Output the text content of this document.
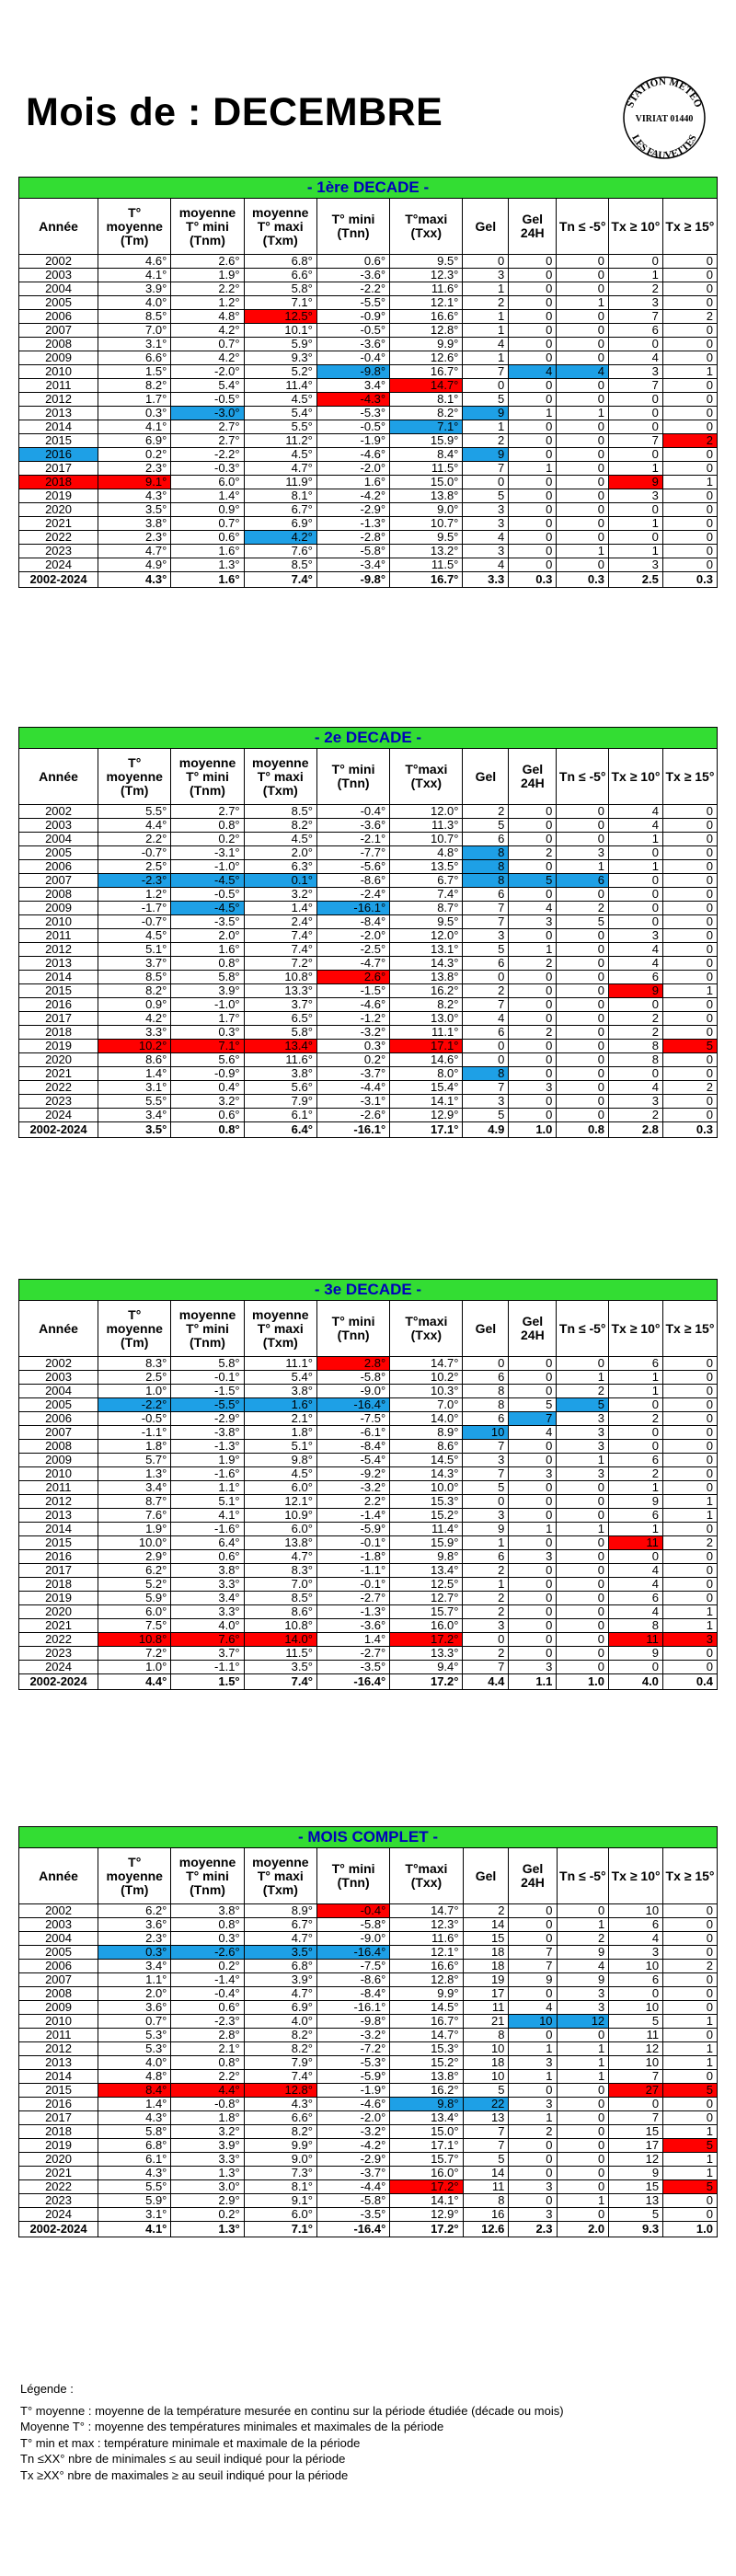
Mois de : DECEMBRE	STATION METEO
VIRIAT 01440
LES FAUVETTES
- 1ère DECADE -										
Année	T° moyenne (Tm)	moyenne T° mini (Tnm)	moyenne T° maxi (Txm)	T° mini (Tnn)	T°maxi (Txx)	Gel	Gel 24H	Tn ≤ -5°	Tx ≥ 10°	Tx ≥ 15°
2002	4.6°	2.6°	6.8°	0.6°	9.5°	0	0	0	0	0
2003	4.1°	1.9°	6.6°	-3.6°	12.3°	3	0	0	1	0
2004	3.9°	2.2°	5.8°	-2.2°	11.6°	1	0	0	2	0
2005	4.0°	1.2°	7.1°	-5.5°	12.1°	2	0	1	3	0
2006	8.5°	4.8°	12.5°	-0.9°	16.6°	1	0	0	7	2
2007	7.0°	4.2°	10.1°	-0.5°	12.8°	1	0	0	6	0
2008	3.1°	0.7°	5.9°	-3.6°	9.9°	4	0	0	0	0
2009	6.6°	4.2°	9.3°	-0.4°	12.6°	1	0	0	4	0
2010	1.5°	-2.0°	5.2°	-9.8°	16.7°	7	4	4	3	1
2011	8.2°	5.4°	11.4°	3.4°	14.7°	0	0	0	7	0
2012	1.7°	-0.5°	4.5°	-4.3°	8.1°	5	0	0	0	0
2013	0.3°	-3.0°	5.4°	-5.3°	8.2°	9	1	1	0	0
2014	4.1°	2.7°	5.5°	-0.5°	7.1°	1	0	0	0	0
2015	6.9°	2.7°	11.2°	-1.9°	15.9°	2	0	0	7	2
2016	0.2°	-2.2°	4.5°	-4.6°	8.4°	9	0	0	0	0
2017	2.3°	-0.3°	4.7°	-2.0°	11.5°	7	1	0	1	0
2018	9.1°	6.0°	11.9°	1.6°	15.0°	0	0	0	9	1
2019	4.3°	1.4°	8.1°	-4.2°	13.8°	5	0	0	3	0
2020	3.5°	0.9°	6.7°	-2.9°	9.0°	3	0	0	0	0
2021	3.8°	0.7°	6.9°	-1.3°	10.7°	3	0	0	1	0
2022	2.3°	0.6°	4.2°	-2.8°	9.5°	4	0	0	0	0
2023	4.7°	1.6°	7.6°	-5.8°	13.2°	3	0	1	1	0
2024	4.9°	1.3°	8.5°	-3.4°	11.5°	4	0	0	3	0
2002-2024	4.3°	1.6°	7.4°	-9.8°	16.7°	3.3	0.3	0.3	2.5	0.3
- 2e DECADE -										
Année	T° moyenne (Tm)	moyenne T° mini (Tnm)	moyenne T° maxi (Txm)	T° mini (Tnn)	T°maxi (Txx)	Gel	Gel 24H	Tn ≤ -5°	Tx ≥ 10°	Tx ≥ 15°
2002	5.5°	2.7°	8.5°	-0.4°	12.0°	2	0	0	4	0
2003	4.4°	0.8°	8.2°	-3.6°	11.3°	5	0	0	4	0
2004	2.2°	0.2°	4.5°	-2.1°	10.7°	6	0	0	1	0
2005	-0.7°	-3.1°	2.0°	-7.7°	4.8°	8	2	3	0	0
2006	2.5°	-1.0°	6.3°	-5.6°	13.5°	8	0	1	1	0
2007	-2.3°	-4.5°	0.1°	-8.6°	6.7°	8	5	6	0	0
2008	1.2°	-0.5°	3.2°	-2.4°	7.4°	6	0	0	0	0
2009	-1.7°	-4.5°	1.4°	-16.1°	8.7°	7	4	2	0	0
2010	-0.7°	-3.5°	2.4°	-8.4°	9.5°	7	3	5	0	0
2011	4.5°	2.0°	7.4°	-2.0°	12.0°	3	0	0	3	0
2012	5.1°	1.6°	7.4°	-2.5°	13.1°	5	1	0	4	0
2013	3.7°	0.8°	7.2°	-4.7°	14.3°	6	2	0	4	0
2014	8.5°	5.8°	10.8°	2.6°	13.8°	0	0	0	6	0
2015	8.2°	3.9°	13.3°	-1.5°	16.2°	2	0	0	9	1
2016	0.9°	-1.0°	3.7°	-4.6°	8.2°	7	0	0	0	0
2017	4.2°	1.7°	6.5°	-1.2°	13.0°	4	0	0	2	0
2018	3.3°	0.3°	5.8°	-3.2°	11.1°	6	2	0	2	0
2019	10.2°	7.1°	13.4°	0.3°	17.1°	0	0	0	8	5
2020	8.6°	5.6°	11.6°	0.2°	14.6°	0	0	0	8	0
2021	1.4°	-0.9°	3.8°	-3.7°	8.0°	8	0	0	0	0
2022	3.1°	0.4°	5.6°	-4.4°	15.4°	7	3	0	4	2
2023	5.5°	3.2°	7.9°	-3.1°	14.1°	3	0	0	3	0
2024	3.4°	0.6°	6.1°	-2.6°	12.9°	5	0	0	2	0
2002-2024	3.5°	0.8°	6.4°	-16.1°	17.1°	4.9	1.0	0.8	2.8	0.3
- 3e DECADE -										
Année	T° moyenne (Tm)	moyenne T° mini (Tnm)	moyenne T° maxi (Txm)	T° mini (Tnn)	T°maxi (Txx)	Gel	Gel 24H	Tn ≤ -5°	Tx ≥ 10°	Tx ≥ 15°
2002	8.3°	5.8°	11.1°	2.8°	14.7°	0	0	0	6	0
2003	2.5°	-0.1°	5.4°	-5.8°	10.2°	6	0	1	1	0
2004	1.0°	-1.5°	3.8°	-9.0°	10.3°	8	0	2	1	0
2005	-2.2°	-5.5°	1.6°	-16.4°	7.0°	8	5	5	0	0
2006	-0.5°	-2.9°	2.1°	-7.5°	14.0°	6	7	3	2	0
2007	-1.1°	-3.8°	1.8°	-6.1°	8.9°	10	4	3	0	0
2008	1.8°	-1.3°	5.1°	-8.4°	8.6°	7	0	3	0	0
2009	5.7°	1.9°	9.8°	-5.4°	14.5°	3	0	1	6	0
2010	1.3°	-1.6°	4.5°	-9.2°	14.3°	7	3	3	2	0
2011	3.4°	1.1°	6.0°	-3.2°	10.0°	5	0	0	1	0
2012	8.7°	5.1°	12.1°	2.2°	15.3°	0	0	0	9	1
2013	7.6°	4.1°	10.9°	-1.4°	15.2°	3	0	0	6	1
2014	1.9°	-1.6°	6.0°	-5.9°	11.4°	9	1	1	1	0
2015	10.0°	6.4°	13.8°	-0.1°	15.9°	1	0	0	11	2
2016	2.9°	0.6°	4.7°	-1.8°	9.8°	6	3	0	0	0
2017	6.2°	3.8°	8.3°	-1.1°	13.4°	2	0	0	4	0
2018	5.2°	3.3°	7.0°	-0.1°	12.5°	1	0	0	4	0
2019	5.9°	3.4°	8.5°	-2.7°	12.7°	2	0	0	6	0
2020	6.0°	3.3°	8.6°	-1.3°	15.7°	2	0	0	4	1
2021	7.5°	4.0°	10.8°	-3.6°	16.0°	3	0	0	8	1
2022	10.8°	7.6°	14.0°	1.4°	17.2°	0	0	0	11	3
2023	7.2°	3.7°	11.5°	-2.7°	13.3°	2	0	0	9	0
2024	1.0°	-1.1°	3.5°	-3.5°	9.4°	7	3	0	0	0
2002-2024	4.4°	1.5°	7.4°	-16.4°	17.2°	4.4	1.1	1.0	4.0	0.4
- MOIS COMPLET -										
Année	T° moyenne (Tm)	moyenne T° mini (Tnm)	moyenne T° maxi (Txm)	T° mini (Tnn)	T°maxi (Txx)	Gel	Gel 24H	Tn ≤ -5°	Tx ≥ 10°	Tx ≥ 15°
2002	6.2°	3.8°	8.9°	-0.4°	14.7°	2	0	0	10	0
2003	3.6°	0.8°	6.7°	-5.8°	12.3°	14	0	1	6	0
2004	2.3°	0.3°	4.7°	-9.0°	11.6°	15	0	2	4	0
2005	0.3°	-2.6°	3.5°	-16.4°	12.1°	18	7	9	3	0
2006	3.4°	0.2°	6.8°	-7.5°	16.6°	18	7	4	10	2
2007	1.1°	-1.4°	3.9°	-8.6°	12.8°	19	9	9	6	0
2008	2.0°	-0.4°	4.7°	-8.4°	9.9°	17	0	3	0	0
2009	3.6°	0.6°	6.9°	-16.1°	14.5°	11	4	3	10	0
2010	0.7°	-2.3°	4.0°	-9.8°	16.7°	21	10	12	5	1
2011	5.3°	2.8°	8.2°	-3.2°	14.7°	8	0	0	11	0
2012	5.3°	2.1°	8.2°	-7.2°	15.3°	10	1	1	12	1
2013	4.0°	0.8°	7.9°	-5.3°	15.2°	18	3	1	10	1
2014	4.8°	2.2°	7.4°	-5.9°	13.8°	10	1	1	7	0
2015	8.4°	4.4°	12.8°	-1.9°	16.2°	5	0	0	27	5
2016	1.4°	-0.8°	4.3°	-4.6°	9.8°	22	3	0	0	0
2017	4.3°	1.8°	6.6°	-2.0°	13.4°	13	1	0	7	0
2018	5.8°	3.2°	8.2°	-3.2°	15.0°	7	2	0	15	1
2019	6.8°	3.9°	9.9°	-4.2°	17.1°	7	0	0	17	5
2020	6.1°	3.3°	9.0°	-2.9°	15.7°	5	0	0	12	1
2021	4.3°	1.3°	7.3°	-3.7°	16.0°	14	0	0	9	1
2022	5.5°	3.0°	8.1°	-4.4°	17.2°	11	3	0	15	5
2023	5.9°	2.9°	9.1°	-5.8°	14.1°	8	0	1	13	0
2024	3.1°	0.2°	6.0°	-3.5°	12.9°	16	3	0	5	0
2002-2024	4.1°	1.3°	7.1°	-16.4°	17.2°	12.6	2.3	2.0	9.3	1.0
Légende :
T° moyenne : moyenne de la température mesurée en continu sur la période étudiée (décade ou mois)
Moyenne T° : moyenne des températures minimales et maximales de la période
T° min et max : température minimale et maximale de la période
Tn ≤XX° nbre de minimales ≤ au seuil indiqué pour la période
Tx ≥XX° nbre de maximales ≥ au seuil indiqué pour la période
